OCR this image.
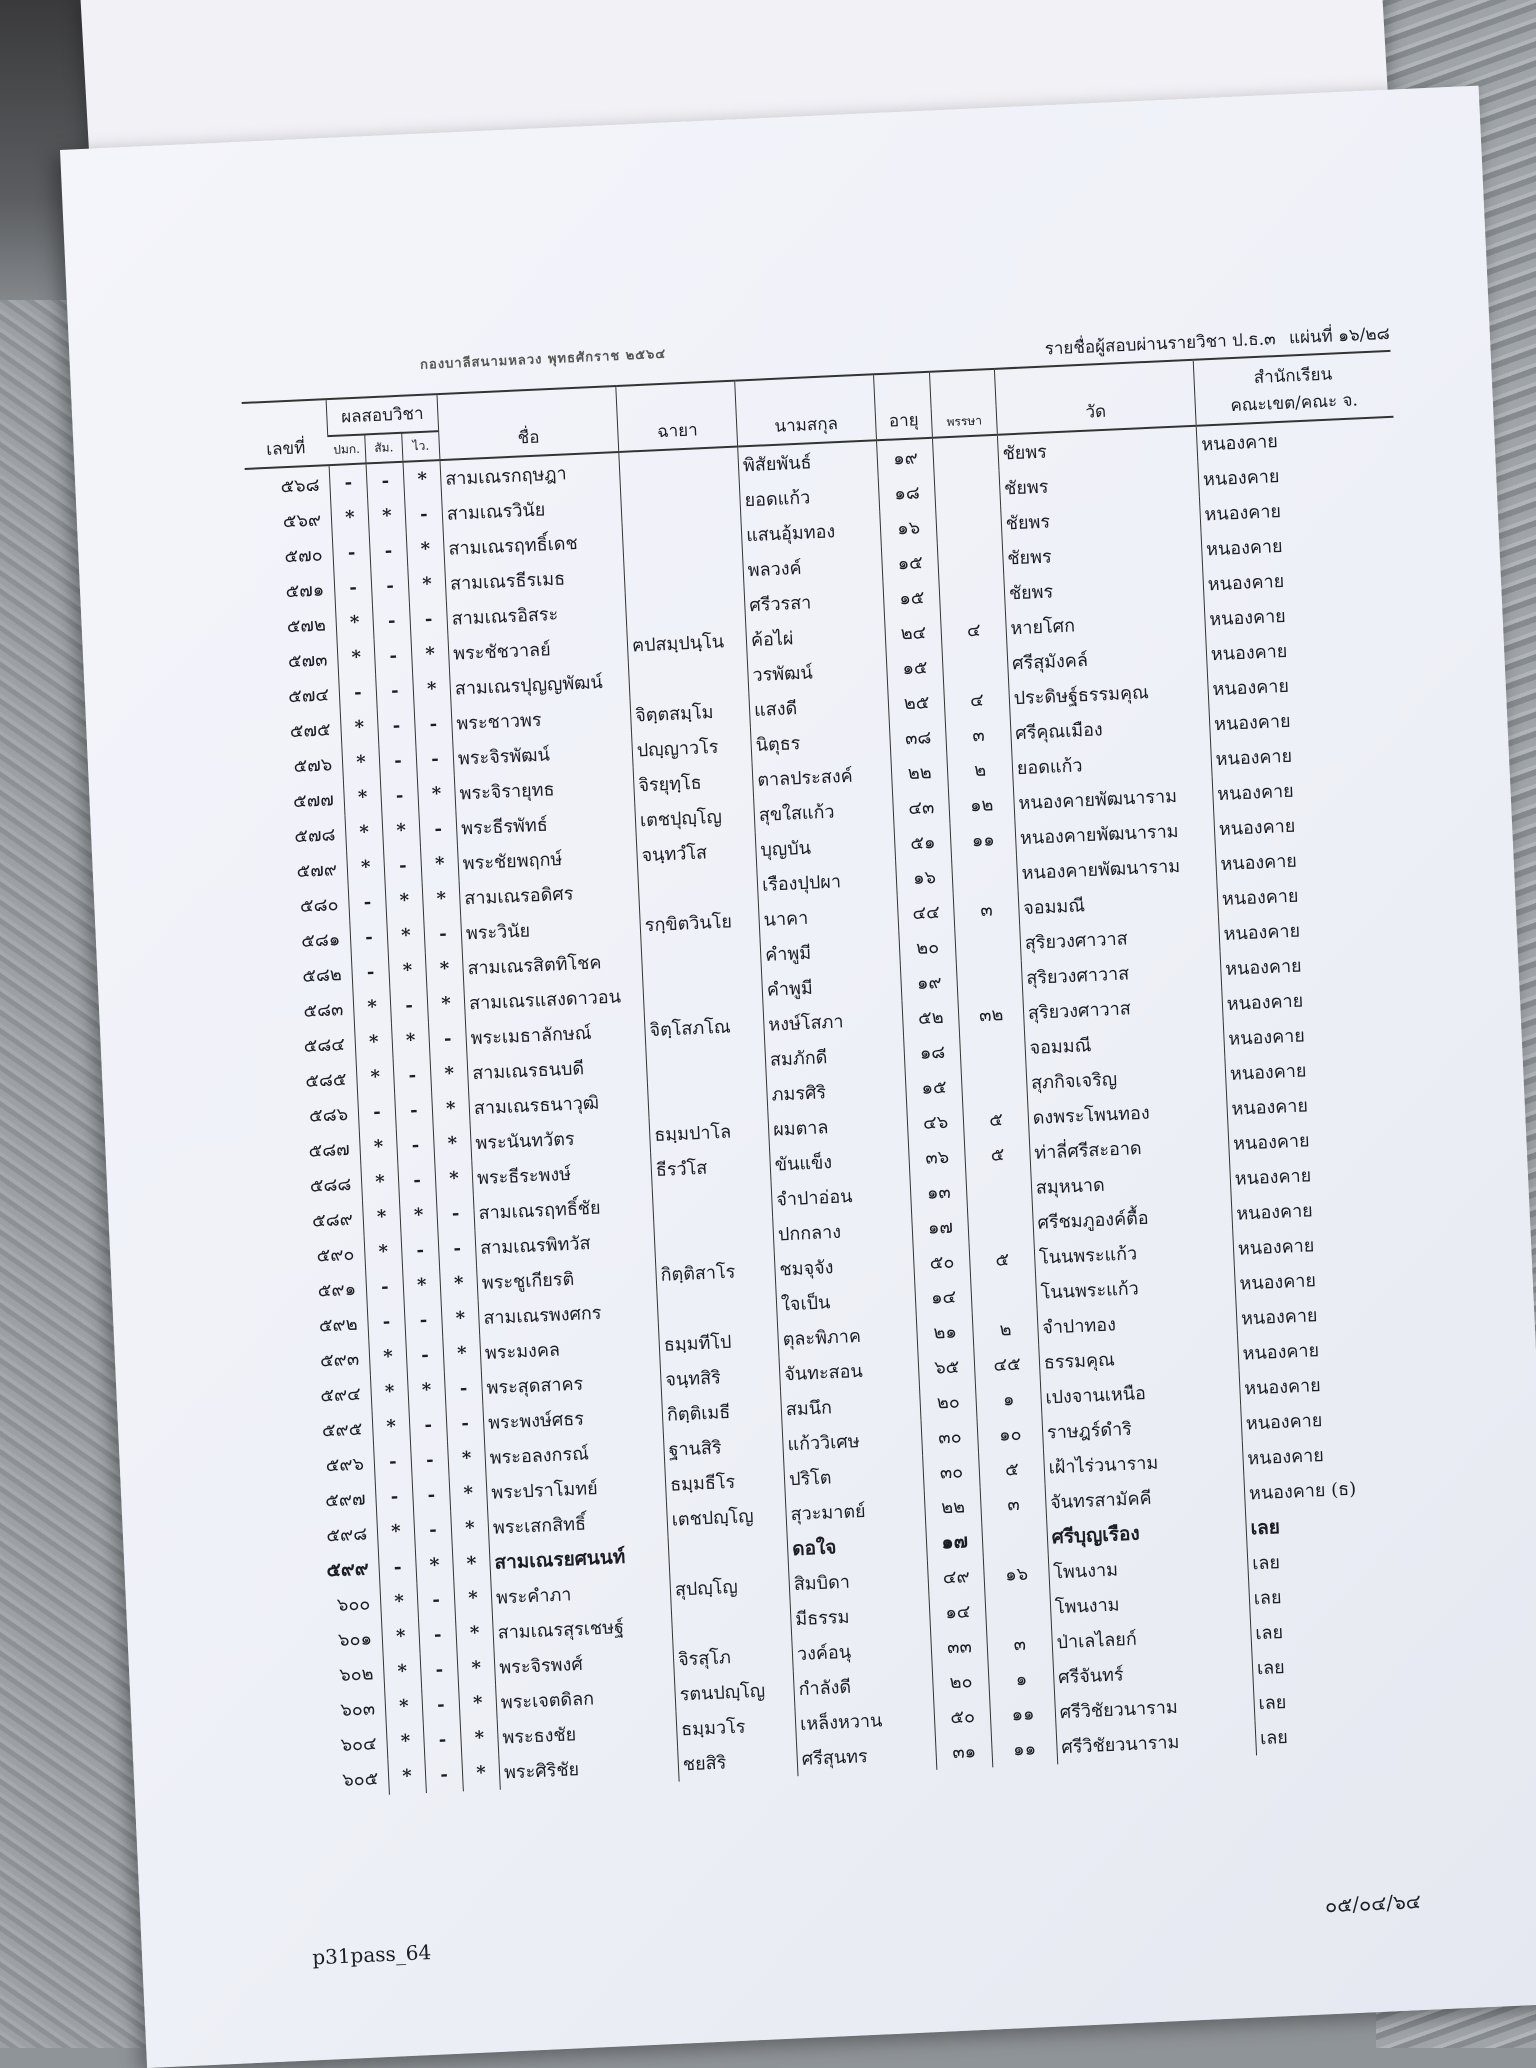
กองบาลีสนามหลวง พุทธศักราช ๒๕๖๔
รายชื่อผู้สอบผ่านรายวิชา ป.ธ.๓ แผ่นที่ ๑๖/๒๘
เลขที่	ผลสอบวิชา			ชื่อ	ฉายา	นามสกุล	อายุ	พรรษา	วัด	สำนักเรียน
คณะเขต/คณะ จ.

	ปมก.	สัม.	ไว.							
๕๖๘	-	-	*	สามเณรกฤษฎา		พิสัยพันธ์	๑๙		ชัยพร	หนองคาย
๕๖๙	*	*	-	สามเณรวินัย		ยอดแก้ว	๑๘		ชัยพร	หนองคาย
๕๗๐	-	-	*	สามเณรฤทธิ์เดช		แสนอุ้มทอง	๑๖		ชัยพร	หนองคาย
๕๗๑	-	-	*	สามเณรธีรเมธ		พลวงค์	๑๕		ชัยพร	หนองคาย
๕๗๒	*	-	-	สามเณรอิสระ		ศรีวรสา	๑๕		ชัยพร	หนองคาย
๕๗๓	*	-	*	พระชัชวาลย์	ฅปสมฺปนฺโน	ค้อไผ่	๒๔	๔	หายโศก	หนองคาย
๕๗๔	-	-	*	สามเณรปุญญพัฒน์		วรพัฒน์	๑๕		ศรีสุมังคล์	หนองคาย
๕๗๕	*	-	-	พระชาวพร	จิตฺตสมฺโม	แสงดี	๒๕	๔	ประดิษฐ์ธรรมคุณ	หนองคาย
๕๗๖	*	-	-	พระจิรพัฒน์	ปญฺญาวโร	นิตุธร	๓๘	๓	ศรีคุณเมือง	หนองคาย
๕๗๗	*	-	*	พระจิรายุทธ	จิรยุทฺโธ	ตาลประสงค์	๒๒	๒	ยอดแก้ว	หนองคาย
๕๗๘	*	*	-	พระธีรพัทธ์	เตชปุญฺโญ	สุขใสแก้ว	๔๓	๑๒	หนองคายพัฒนาราม	หนองคาย
๕๗๙	*	-	*	พระชัยพฤกษ์	จนฺทวํโส	บุญบัน	๕๑	๑๑	หนองคายพัฒนาราม	หนองคาย
๕๘๐	-	*	*	สามเณรอดิศร		เรืองปุปผา	๑๖		หนองคายพัฒนาราม	หนองคาย
๕๘๑	-	*	-	พระวินัย	รกฺขิตวินโย	นาคา	๔๔	๓	จอมมณี	หนองคาย
๕๘๒	-	*	*	สามเณรสิตทิโชค		คำพูมี	๒๐		สุริยวงศาวาส	หนองคาย
๕๘๓	*	-	*	สามเณรแสงดาวอน		คำพูมี	๑๙		สุริยวงศาวาส	หนองคาย
๕๘๔	*	*	-	พระเมธาลักษณ์	จิตฺโสภโณ	หงษ์โสภา	๕๒	๓๒	สุริยวงศาวาส	หนองคาย
๕๘๕	*	-	*	สามเณรธนบดี		สมภักดี	๑๘		จอมมณี	หนองคาย
๕๘๖	-	-	*	สามเณรธนาวุฒิ		ภมรศิริ	๑๕		สุภกิจเจริญ	หนองคาย
๕๘๗	*	-	*	พระนันทวัตร	ธมฺมปาโล	ผมตาล	๔๖	๕	ดงพระโพนทอง	หนองคาย
๕๘๘	*	-	*	พระธีระพงษ์	ธีรวํโส	ขันแข็ง	๓๖	๕	ท่าลี่ศรีสะอาด	หนองคาย
๕๘๙	*	*	-	สามเณรฤทธิ์ชัย		จำปาอ่อน	๑๓		สมุหนาด	หนองคาย
๕๙๐	*	-	-	สามเณรพิทวัส		ปกกลาง	๑๗		ศรีชมภูองค์ตื้อ	หนองคาย
๕๙๑	-	*	*	พระชูเกียรติ	กิตฺติสาโร	ชมจุจัง	๕๐	๕	โนนพระแก้ว	หนองคาย
๕๙๒	-	-	*	สามเณรพงศกร		ใจเป็น	๑๔		โนนพระแก้ว	หนองคาย
๕๙๓	*	-	*	พระมงคล	ธมฺมทีโป	ตุละพิภาค	๒๑	๒	จำปาทอง	หนองคาย
๕๙๔	*	*	-	พระสุดสาคร	จนฺทสิริ	จันทะสอน	๖๕	๔๕	ธรรมคุณ	หนองคาย
๕๙๕	*	-	-	พระพงษ์ศธร	กิตฺติเมธี	สมนึก	๒๐	๑	เปงจานเหนือ	หนองคาย
๕๙๖	-	-	*	พระอลงกรณ์	ฐานสิริ	แก้ววิเศษ	๓๐	๑๐	ราษฎร์ดำริ	หนองคาย
๕๙๗	-	-	*	พระปราโมทย์	ธมฺมธีโร	ปริโต	๓๐	๕	เฝ้าไร่วนาราม	หนองคาย
๕๙๘	*	-	*	พระเสกสิทธิ์	เตชปญฺโญ	สุวะมาตย์	๒๒	๓	จันทรสามัคคี	หนองคาย (ธ)
๕๙๙	-	*	*	สามเณรยศนนท์		ดอใจ	๑๗		ศรีบุญเรือง	เลย
๖๐๐	*	-	*	พระคำภา	สุปญฺโญ	สิมบิดา	๔๙	๑๖	โพนงาม	เลย
๖๐๑	*	-	*	สามเณรสุรเชษฐ์		มีธรรม	๑๔		โพนงาม	เลย
๖๐๒	*	-	*	พระจิรพงศ์	จิรสุโภ	วงค์อนุ	๓๓	๓	ป่าเลไลยก์	เลย
๖๐๓	*	-	*	พระเจตดิลก	รตนปญฺโญ	กำลังดี	๒๐	๑	ศรีจันทร์	เลย
๖๐๔	*	-	*	พระธงชัย	ธมฺมวโร	เหล็งหวาน	๕๐	๑๑	ศรีวิชัยวนาราม	เลย
๖๐๕	*	-	*	พระศิริชัย	ชยสิริ	ศรีสุนทร	๓๑	๑๑	ศรีวิชัยวนาราม	เลย
p31pass_64
๐๕/๐๔/๖๔
